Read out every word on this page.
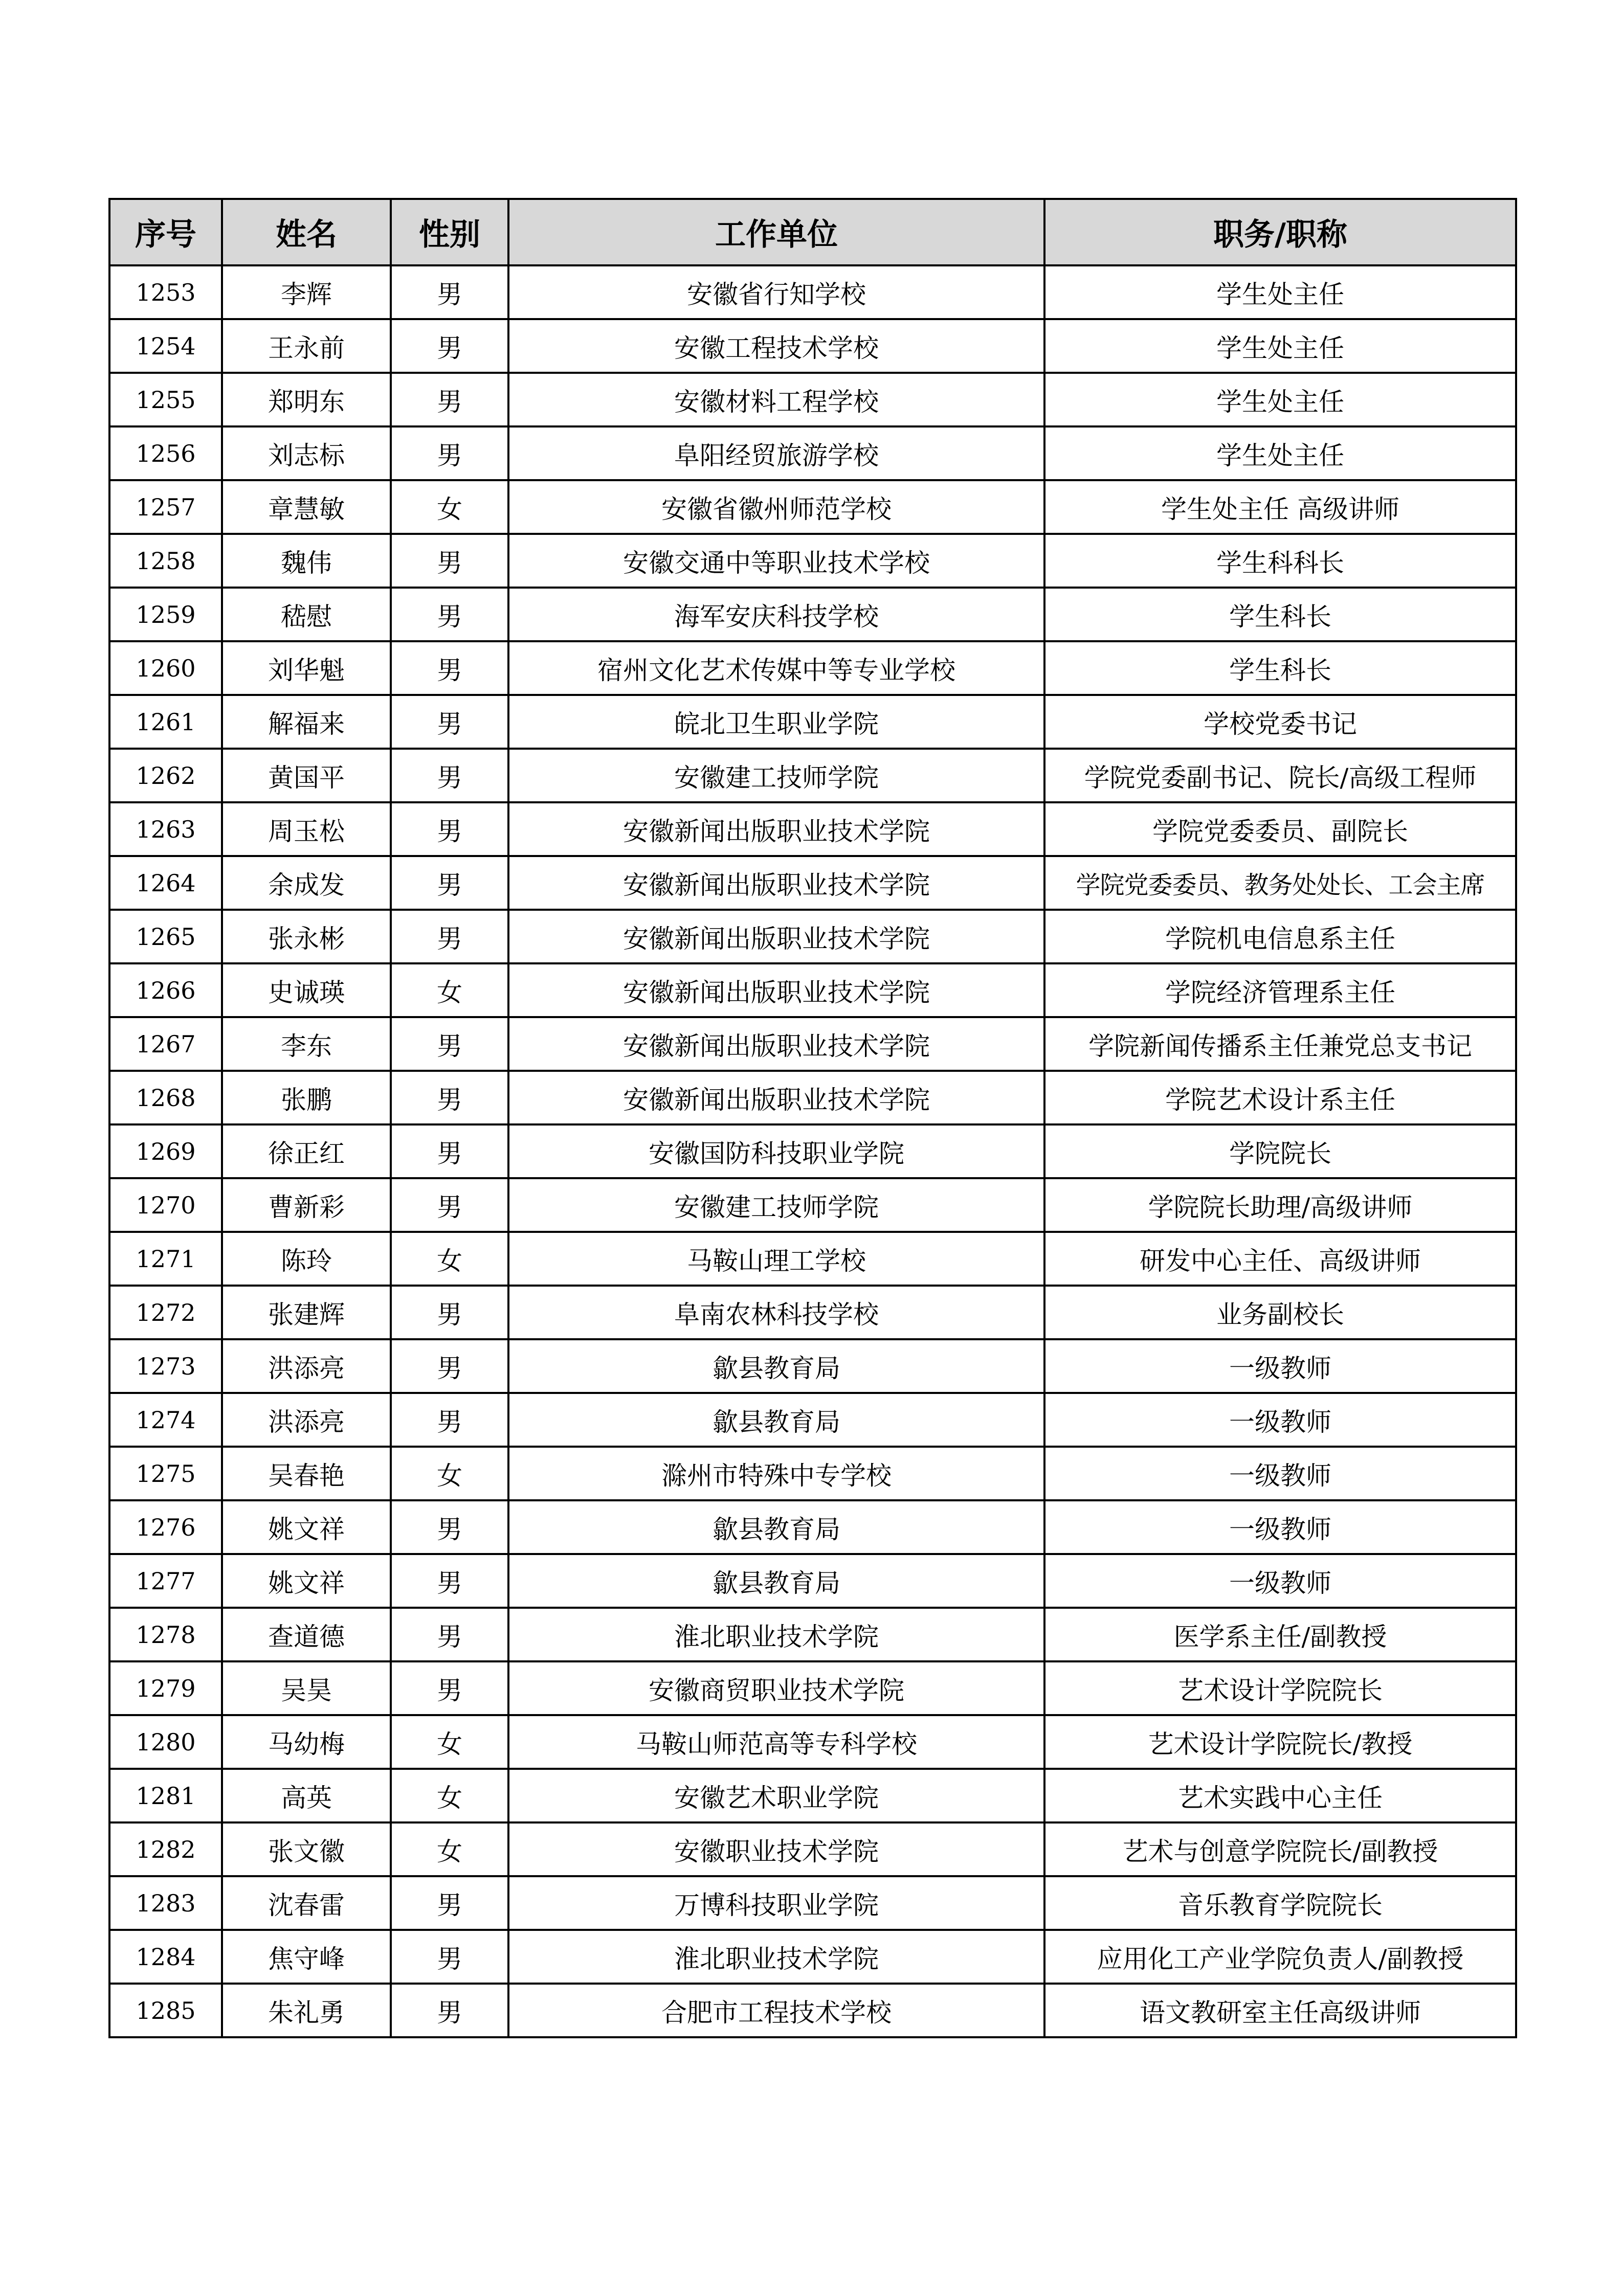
序号	姓名	性别	工作单位	职务/职称
1253	李辉	男	安徽省行知学校	学生处主任
1254	王永前	男	安徽工程技术学校	学生处主任
1255	郑明东	男	安徽材料工程学校	学生处主任
1256	刘志标	男	阜阳经贸旅游学校	学生处主任
1257	章慧敏	女	安徽省徽州师范学校	学生处主任 高级讲师
1258	魏伟	男	安徽交通中等职业技术学校	学生科科长
1259	嵇慰	男	海军安庆科技学校	学生科长
1260	刘华魁	男	宿州文化艺术传媒中等专业学校	学生科长
1261	解福来	男	皖北卫生职业学院	学校党委书记
1262	黄国平	男	安徽建工技师学院	学院党委副书记、院长/高级工程师
1263	周玉松	男	安徽新闻出版职业技术学院	学院党委委员、副院长
1264	余成发	男	安徽新闻出版职业技术学院	学院党委委员、教务处处长、工会主席
1265	张永彬	男	安徽新闻出版职业技术学院	学院机电信息系主任
1266	史诚瑛	女	安徽新闻出版职业技术学院	学院经济管理系主任
1267	李东	男	安徽新闻出版职业技术学院	学院新闻传播系主任兼党总支书记
1268	张鹏	男	安徽新闻出版职业技术学院	学院艺术设计系主任
1269	徐正红	男	安徽国防科技职业学院	学院院长
1270	曹新彩	男	安徽建工技师学院	学院院长助理/高级讲师
1271	陈玲	女	马鞍山理工学校	研发中心主任、高级讲师
1272	张建辉	男	阜南农林科技学校	业务副校长
1273	洪添亮	男	歙县教育局	一级教师
1274	洪添亮	男	歙县教育局	一级教师
1275	吴春艳	女	滁州市特殊中专学校	一级教师
1276	姚文祥	男	歙县教育局	一级教师
1277	姚文祥	男	歙县教育局	一级教师
1278	查道德	男	淮北职业技术学院	医学系主任/副教授
1279	吴昊	男	安徽商贸职业技术学院	艺术设计学院院长
1280	马幼梅	女	马鞍山师范高等专科学校	艺术设计学院院长/教授
1281	高英	女	安徽艺术职业学院	艺术实践中心主任
1282	张文徽	女	安徽职业技术学院	艺术与创意学院院长/副教授
1283	沈春雷	男	万博科技职业学院	音乐教育学院院长
1284	焦守峰	男	淮北职业技术学院	应用化工产业学院负责人/副教授
1285	朱礼勇	男	合肥市工程技术学校	语文教研室主任高级讲师
